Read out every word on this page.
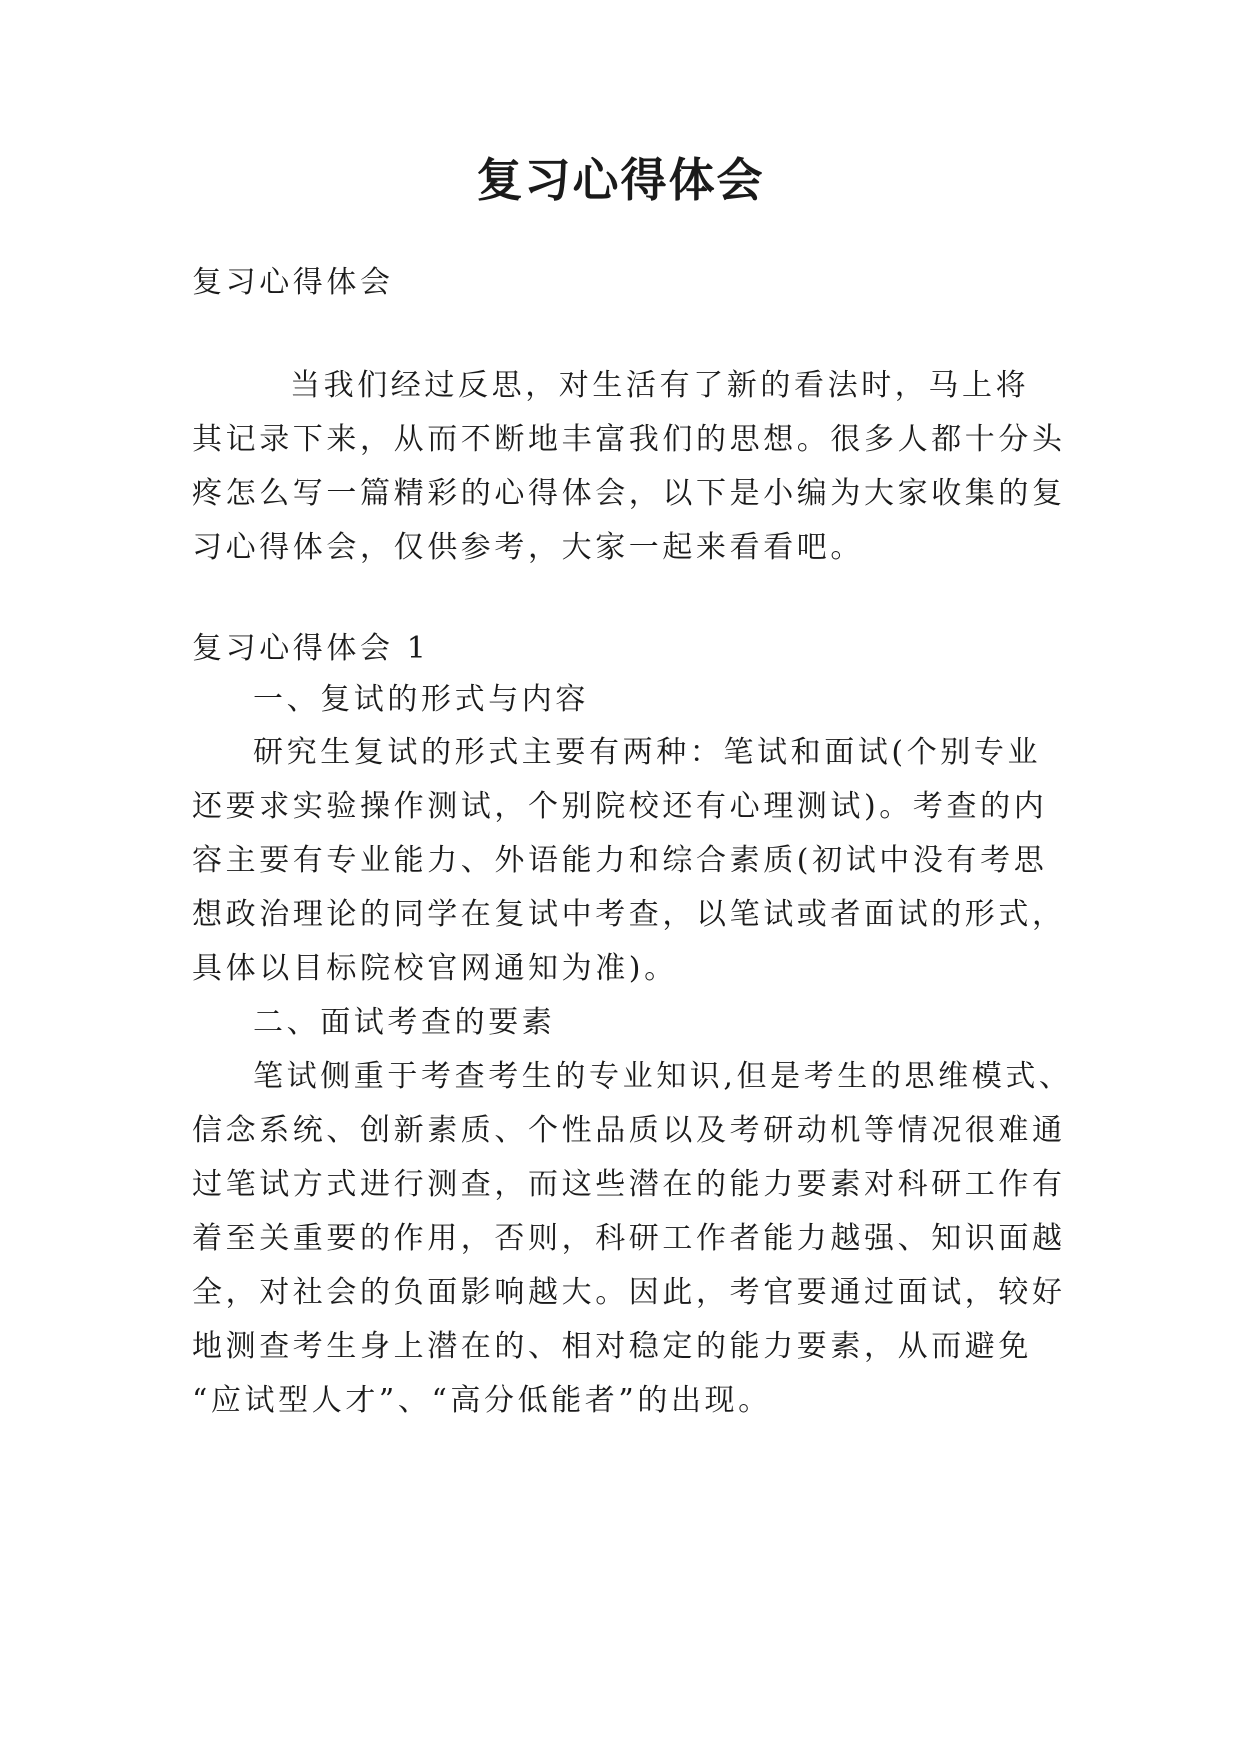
复习心得体会

复习心得体会

当我们经过反思，对生活有了新的看法时，马上将

其记录下来，从而不断地丰富我们的思想。很多人都十分头

疼怎么写一篇精彩的心得体会，以下是小编为大家收集的复

习心得体会，仅供参考，大家一起来看看吧。

复习心得体会 1

一、复试的形式与内容

研究生复试的形式主要有两种：笔试和面试(个别专业

还要求实验操作测试，个别院校还有心理测试)。考查的内

容主要有专业能力、外语能力和综合素质(初试中没有考思

想政治理论的同学在复试中考查，以笔试或者面试的形式，

具体以目标院校官网通知为准)。

二、面试考查的要素

笔试侧重于考查考生的专业知识,但是考生的思维模式、

信念系统、创新素质、个性品质以及考研动机等情况很难通

过笔试方式进行测查，而这些潜在的能力要素对科研工作有

着至关重要的作用，否则，科研工作者能力越强、知识面越

全，对社会的负面影响越大。因此，考官要通过面试，较好

地测查考生身上潜在的、相对稳定的能力要素，从而避免

“应试型人才”、“高分低能者”的出现。
